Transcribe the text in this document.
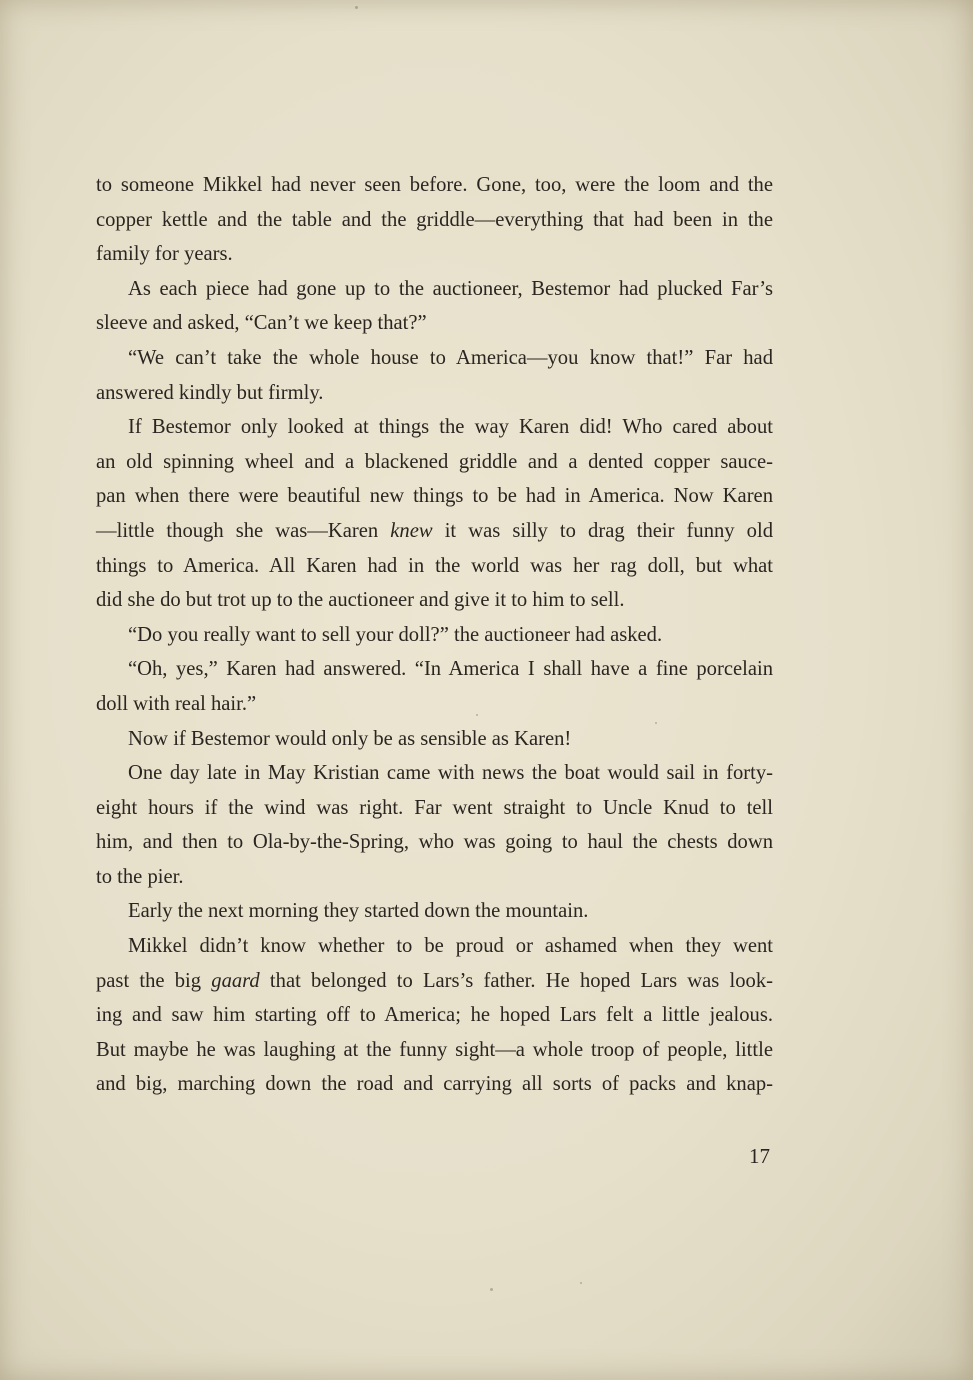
to someone Mikkel had never seen before. Gone, too, were the loom and the
copper kettle and the table and the griddle—everything that had been in the
family for years.
As each piece had gone up to the auctioneer, Bestemor had plucked Far’s
sleeve and asked, “Can’t we keep that?”
“We can’t take the whole house to America—you know that!” Far had
answered kindly but firmly.
If Bestemor only looked at things the way Karen did! Who cared about
an old spinning wheel and a blackened griddle and a dented copper sauce-
pan when there were beautiful new things to be had in America. Now Karen
—little though she was—Karen knew it was silly to drag their funny old
things to America. All Karen had in the world was her rag doll, but what
did she do but trot up to the auctioneer and give it to him to sell.
“Do you really want to sell your doll?” the auctioneer had asked.
“Oh, yes,” Karen had answered. “In America I shall have a fine porcelain
doll with real hair.”
Now if Bestemor would only be as sensible as Karen!
One day late in May Kristian came with news the boat would sail in forty-
eight hours if the wind was right. Far went straight to Uncle Knud to tell
him, and then to Ola-by-the-Spring, who was going to haul the chests down
to the pier.
Early the next morning they started down the mountain.
Mikkel didn’t know whether to be proud or ashamed when they went
past the big gaard that belonged to Lars’s father. He hoped Lars was look-
ing and saw him starting off to America; he hoped Lars felt a little jealous.
But maybe he was laughing at the funny sight—a whole troop of people, little
and big, marching down the road and carrying all sorts of packs and knap-
17
